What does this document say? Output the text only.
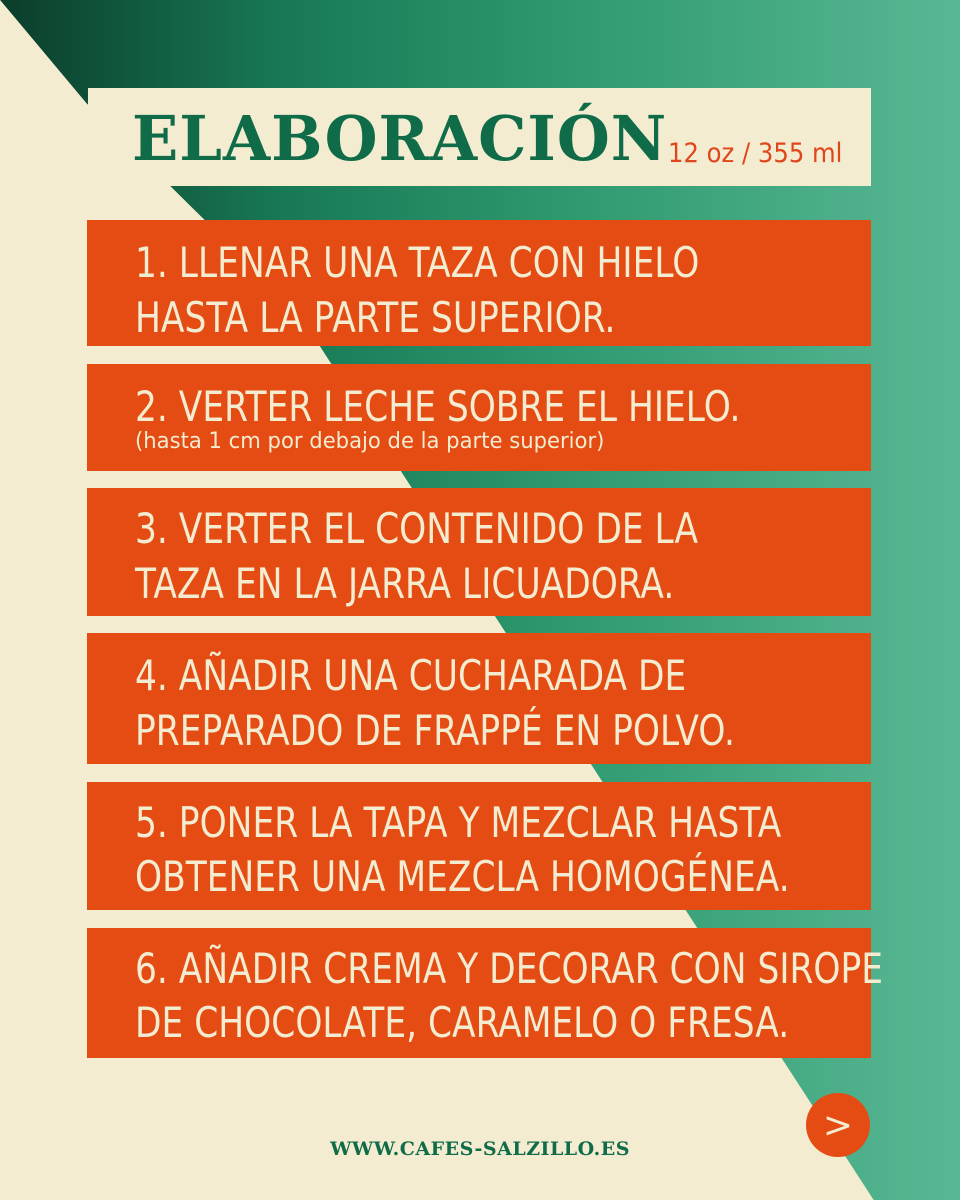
ELABORACIÓN 12 oz / 355 ml
1. LLENAR UNA TAZA CON HIELO
HASTA LA PARTE SUPERIOR.
2. VERTER LECHE SOBRE EL HIELO.
(hasta 1 cm por debajo de la parte superior)
3. VERTER EL CONTENIDO DE LA
TAZA EN LA JARRA LICUADORA.
4. AÑADIR UNA CUCHARADA DE
PREPARADO DE FRAPPÉ EN POLVO.
5. PONER LA TAPA Y MEZCLAR HASTA
OBTENER UNA MEZCLA HOMOGÉNEA.
6. AÑADIR CREMA Y DECORAR CON SIROPE
DE CHOCOLATE, CARAMELO O FRESA.
>
WWW.CAFES-SALZILLO.ES
